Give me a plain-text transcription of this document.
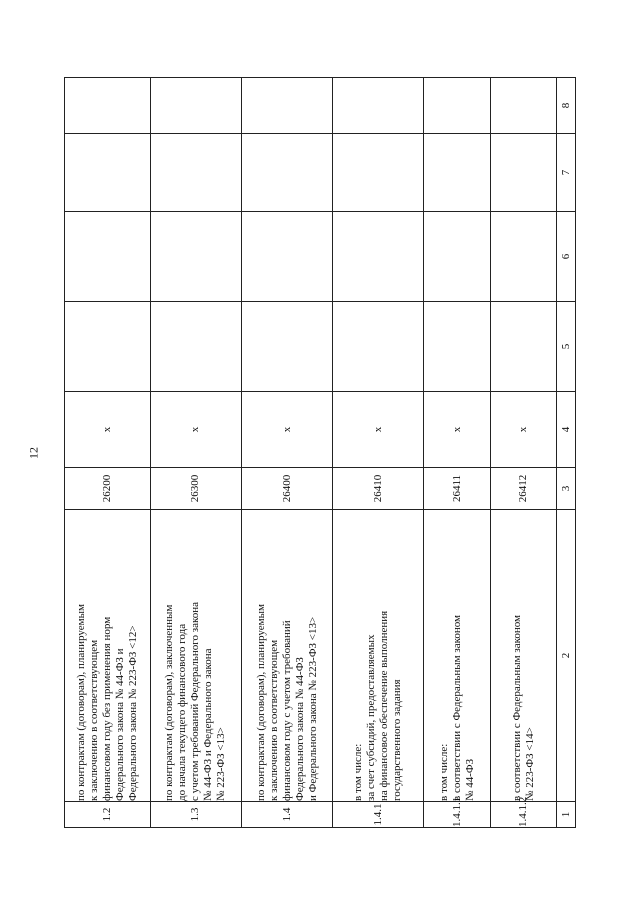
12
1.2	по контрактам (договорам), планируемым к заключению в соответствующем финансовом году без применения норм Федерального закона № 44-ФЗ и Федерального закона № 223-ФЗ <12>	26200	x				
1.3	по контрактам (договорам), заключенным до начала текущего финансового года с учетом требований Федерального закона № 44-ФЗ и Федерального закона № 223-ФЗ <13>	26300	x				
1.4	по контрактам (договорам), планируемым к заключению в соответствующем финансовом году с учетом требований Федерального закона № 44-ФЗ и Федерального закона № 223-ФЗ <13>	26400	x				
1.4.1	в том числе: за счет субсидий, предоставляемых на финансовое обеспечение выполнения государственного задания	26410	x				
1.4.1.1	в том числе: в соответствии с Федеральным законом № 44-ФЗ	26411	x				
1.4.1.2	в соответствии с Федеральным законом № 223-ФЗ <14>	26412	x				
1	2	3	4	5	6	7	8
